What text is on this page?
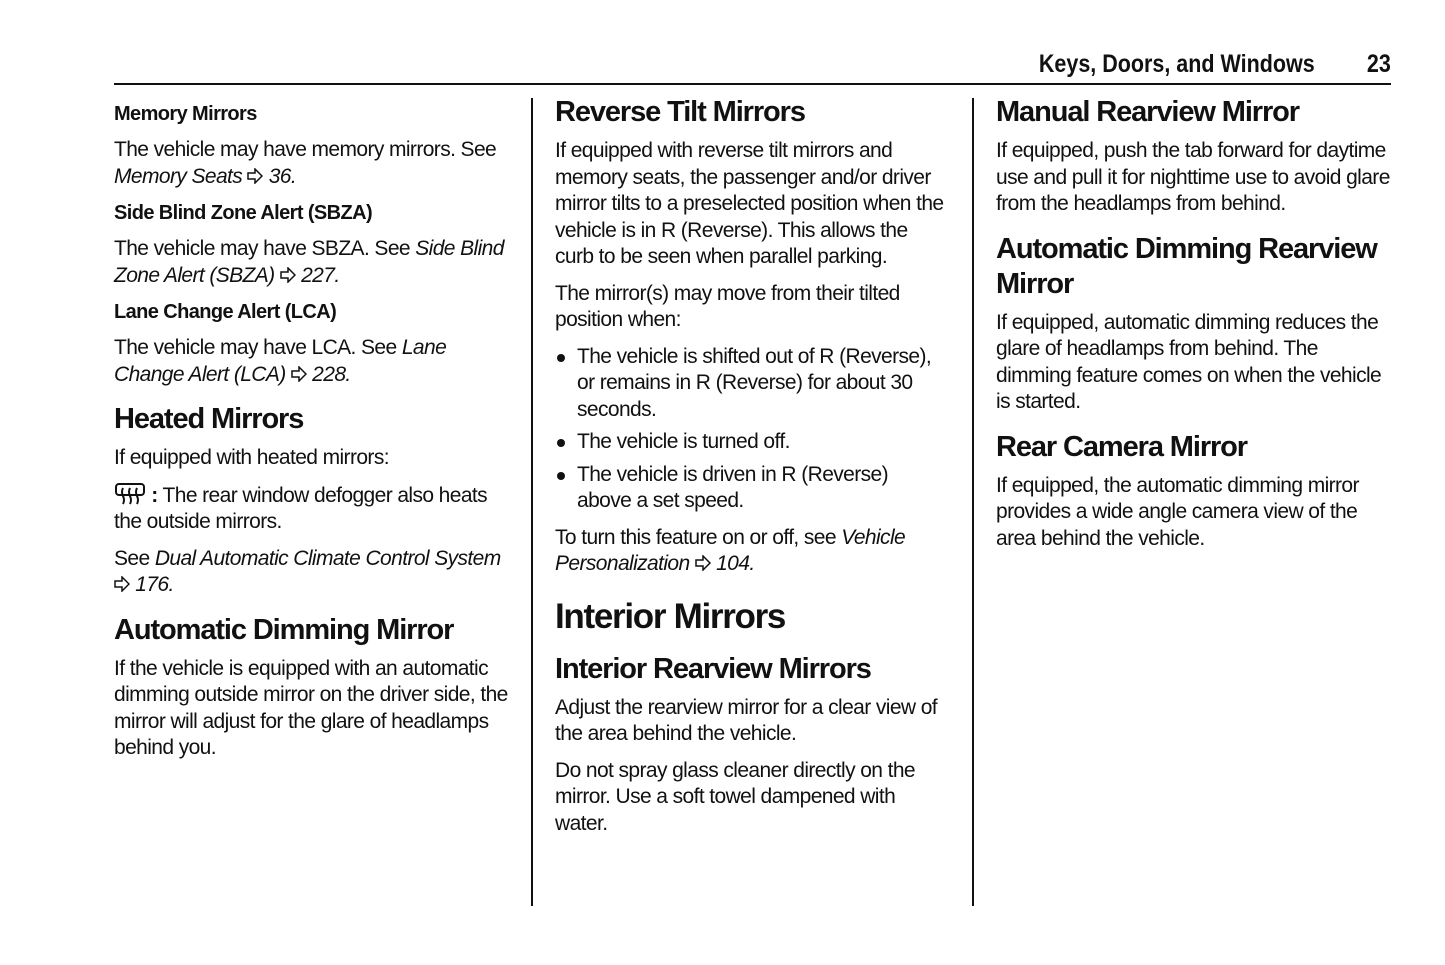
Keys, Doors, and Windows 23
Memory Mirrors

The vehicle may have memory mirrors. See Memory Seats 36.

Side Blind Zone Alert (SBZA)

The vehicle may have SBZA. See Side Blind Zone Alert (SBZA) 227.

Lane Change Alert (LCA)

The vehicle may have LCA. See Lane Change Alert (LCA) 228.

Heated Mirrors

If equipped with heated mirrors:

: The rear window defogger also heats the outside mirrors.

See Dual Automatic Climate Control System  176.

Automatic Dimming Mirror

If the vehicle is equipped with an automatic dimming outside mirror on the driver side, the mirror will adjust for the glare of headlamps behind you.

Reverse Tilt Mirrors

If equipped with reverse tilt mirrors and memory seats, the passenger and/or driver mirror tilts to a preselected position when the vehicle is in R (Reverse). This allows the curb to be seen when parallel parking.

The mirror(s) may move from their tilted position when:

The vehicle is shifted out of R (Reverse), or remains in R (Reverse) for about 30 seconds.
The vehicle is turned off.
The vehicle is driven in R (Reverse) above a set speed.

To turn this feature on or off, see Vehicle Personalization 104.

Interior Mirrors
Interior Rearview Mirrors

Adjust the rearview mirror for a clear view of the area behind the vehicle.

Do not spray glass cleaner directly on the mirror. Use a soft towel dampened with water.

Manual Rearview Mirror

If equipped, push the tab forward for daytime use and pull it for nighttime use to avoid glare from the headlamps from behind.

Automatic Dimming Rearview Mirror

If equipped, automatic dimming reduces the glare of headlamps from behind. The dimming feature comes on when the vehicle is started.

Rear Camera Mirror

If equipped, the automatic dimming mirror provides a wide angle camera view of the area behind the vehicle.
